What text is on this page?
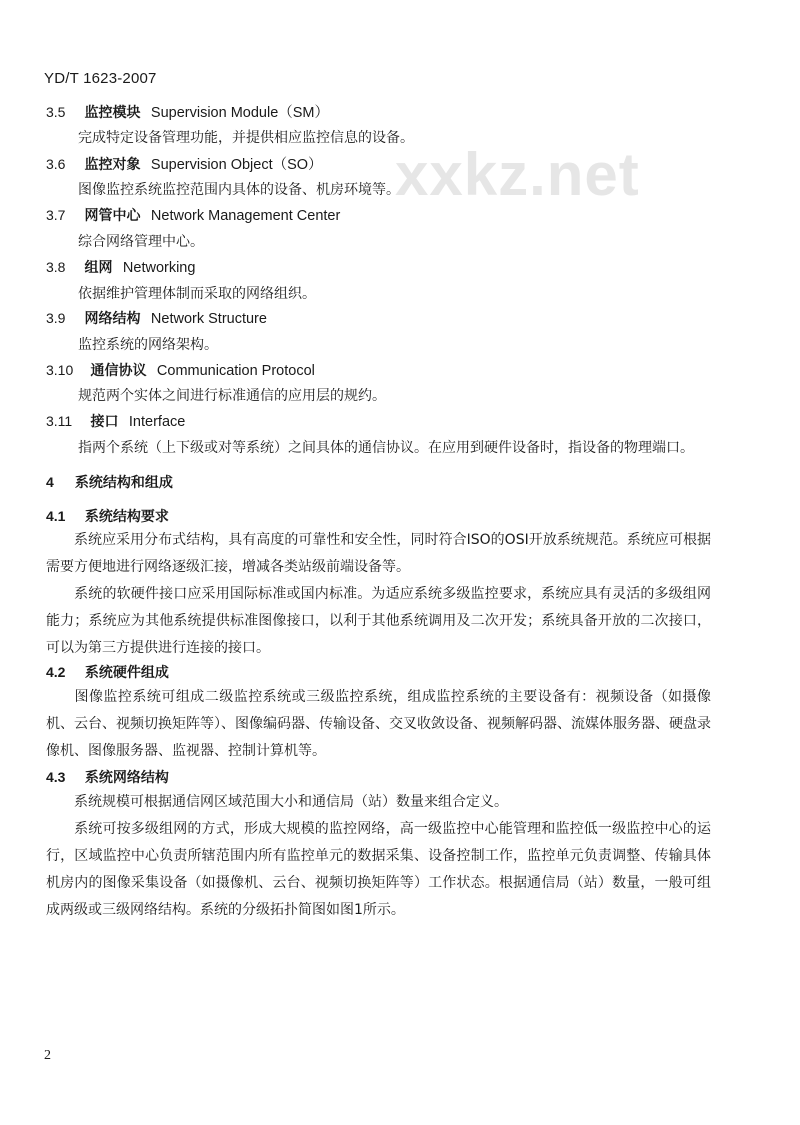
xxkz.net
YD/T 1623-2007
3.5 监控模块 Supervision Module（SM）
完成特定设备管理功能，并提供相应监控信息的设备。
3.6 监控对象 Supervision Object（SO）
图像监控系统监控范围内具体的设备、机房环境等。
3.7 网管中心 Network Management Center
综合网络管理中心。
3.8 组网 Networking
依据维护管理体制而采取的网络组织。
3.9 网络结构 Network Structure
监控系统的网络架构。
3.10 通信协议 Communication Protocol
规范两个实体之间进行标准通信的应用层的规约。
3.11 接口 Interface
指两个系统（上下级或对等系统）之间具体的通信协议。在应用到硬件设备时，指设备的物理端口。
4 系统结构和组成
4.1 系统结构要求
系统应采用分布式结构，具有高度的可靠性和安全性，同时符合ISO的OSI开放系统规范。系统应可根据需要方便地进行网络逐级汇接，增减各类站级前端设备等。
系统的软硬件接口应采用国际标准或国内标准。为适应系统多级监控要求，系统应具有灵活的多级组网能力；系统应为其他系统提供标准图像接口，以利于其他系统调用及二次开发；系统具备开放的二次接口，可以为第三方提供进行连接的接口。
4.2 系统硬件组成
图像监控系统可组成二级监控系统或三级监控系统，组成监控系统的主要设备有：视频设备（如摄像机、云台、视频切换矩阵等）、图像编码器、传输设备、交叉收敛设备、视频解码器、流媒体服务器、硬盘录像机、图像服务器、监视器、控制计算机等。
4.3 系统网络结构
系统规模可根据通信网区域范围大小和通信局（站）数量来组合定义。
系统可按多级组网的方式，形成大规模的监控网络，高一级监控中心能管理和监控低一级监控中心的运行，区域监控中心负责所辖范围内所有监控单元的数据采集、设备控制工作，监控单元负责调整、传输具体机房内的图像采集设备（如摄像机、云台、视频切换矩阵等）工作状态。根据通信局（站）数量，一般可组成两级或三级网络结构。系统的分级拓扑简图如图1所示。
2
